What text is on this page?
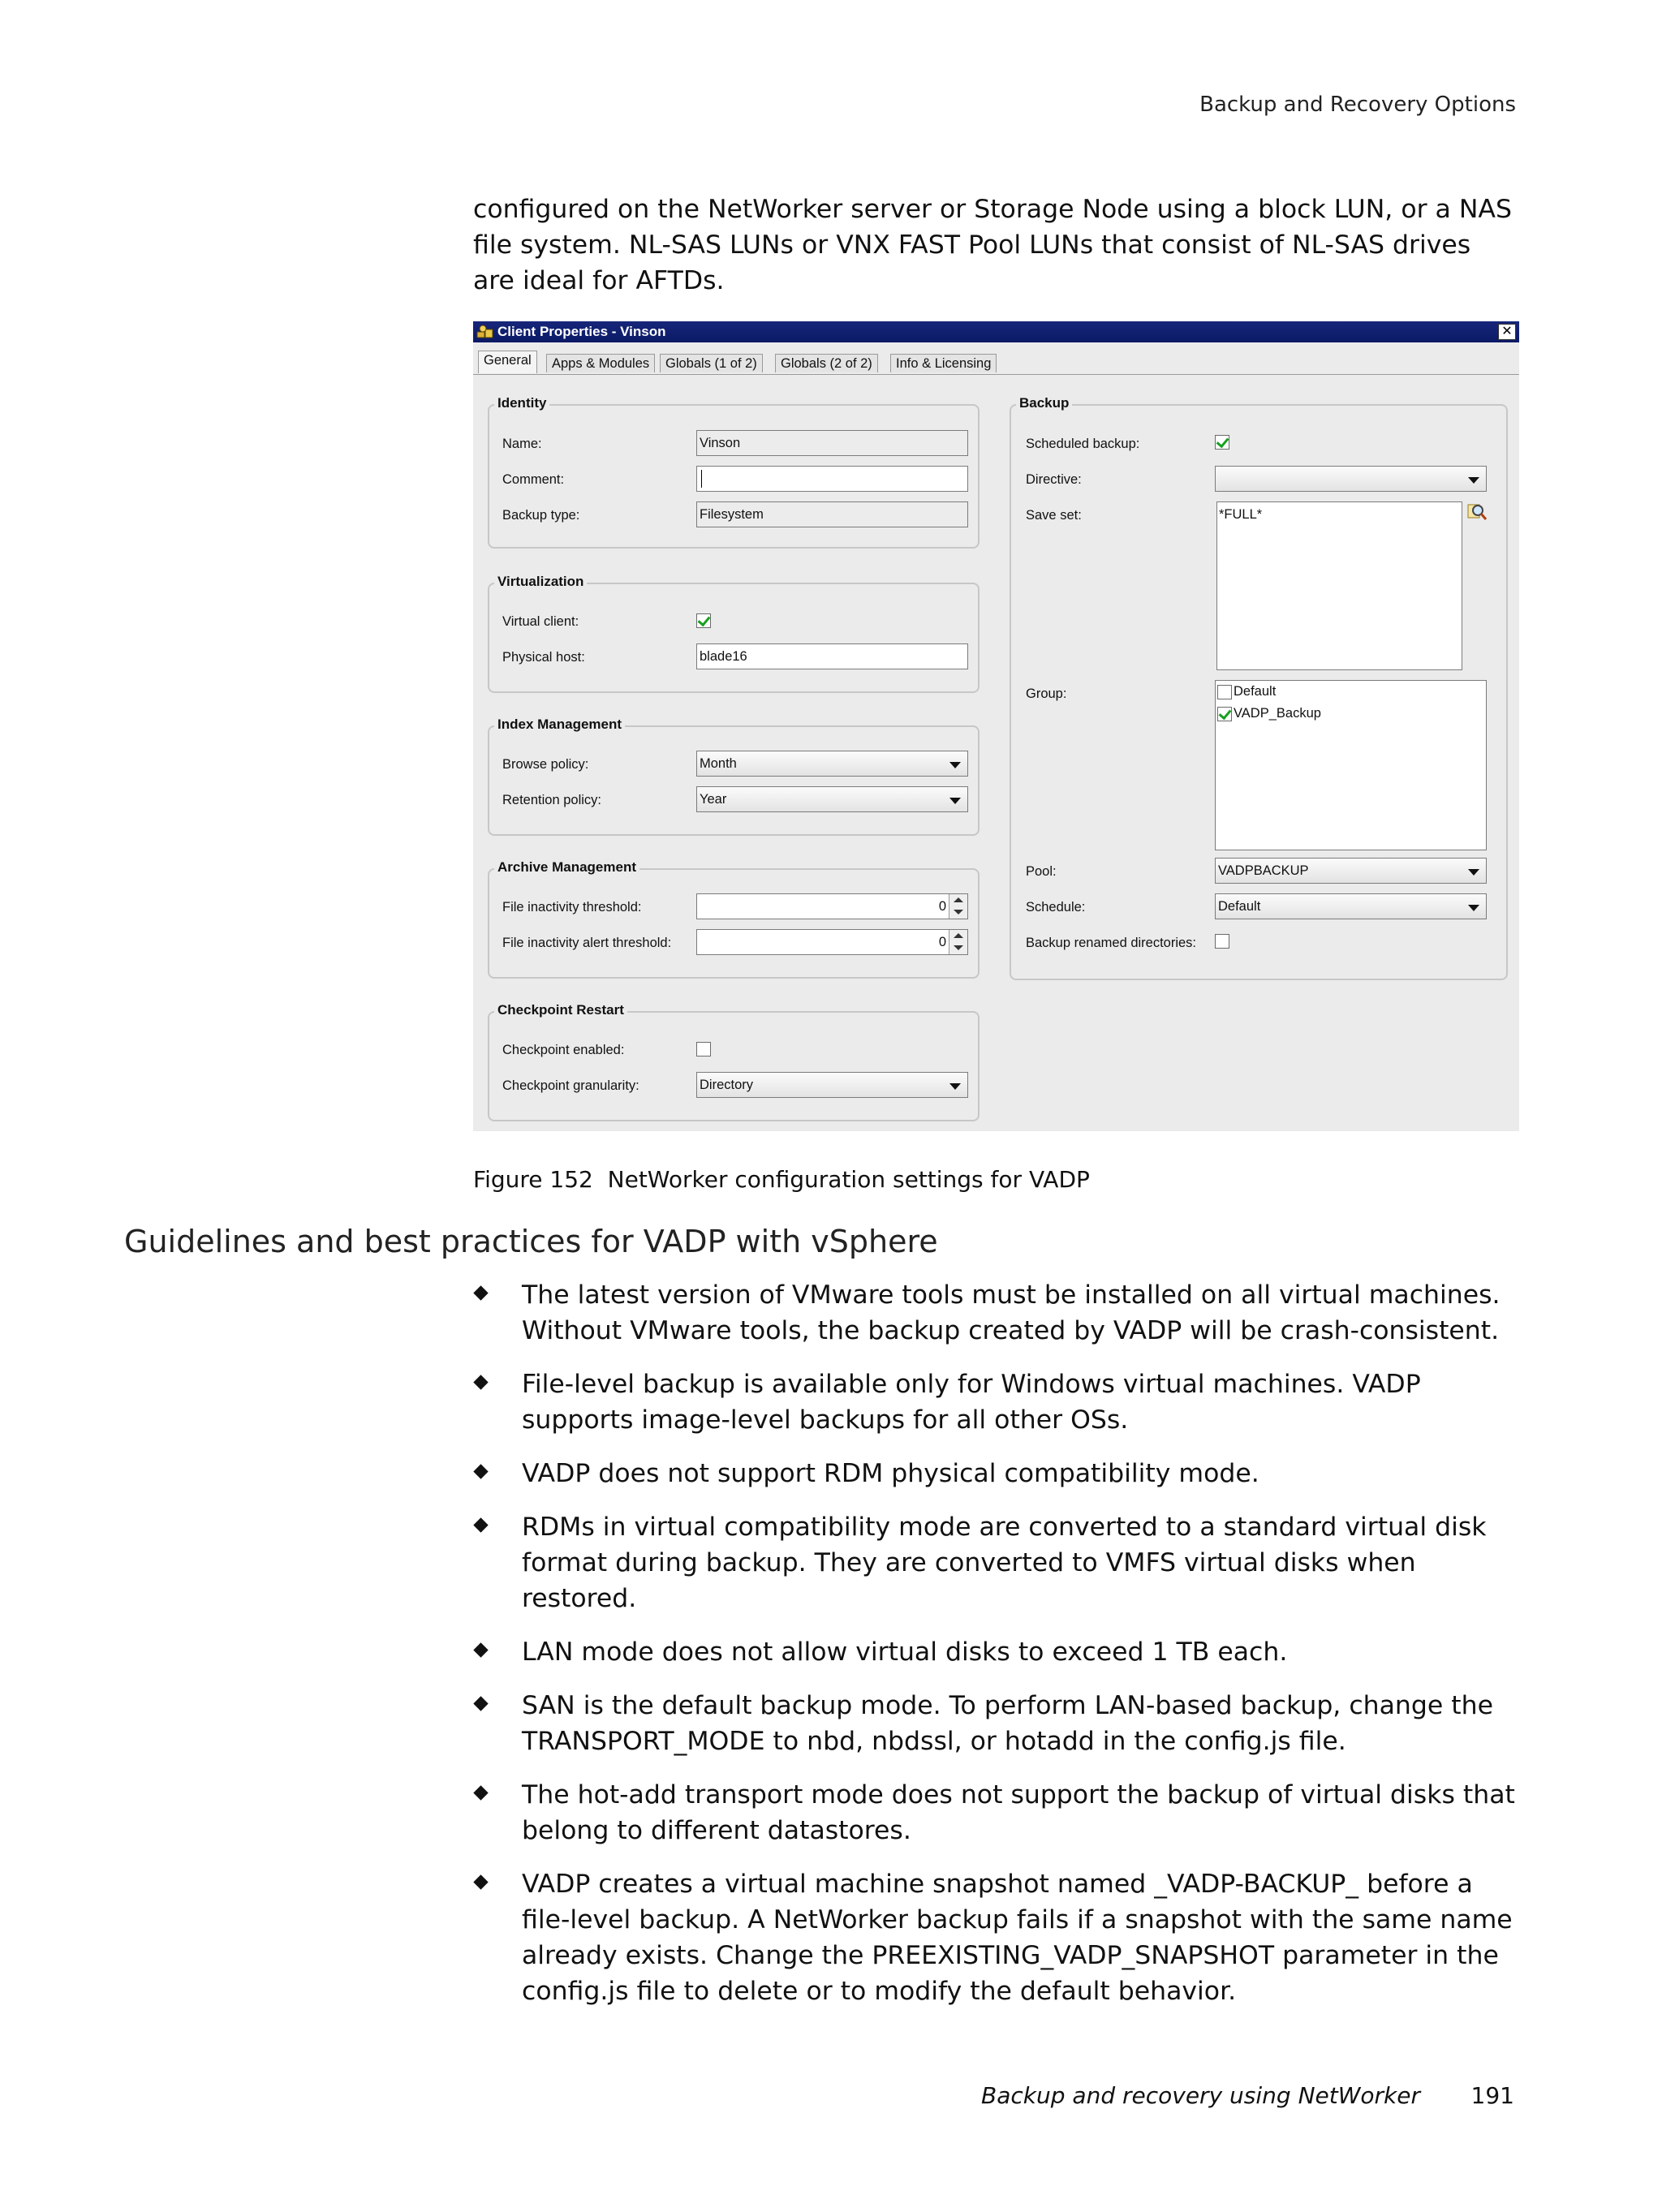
Backup and Recovery Options
configured on the NetWorker server or Storage Node using a block LUN, or a NAS file system. NL-SAS LUNs or VNX FAST Pool LUNs that consist of NL-SAS drives are ideal for AFTDs.
Client Properties - Vinson	✕
General	Apps & Modules	Globals (1 of 2)	Globals (2 of 2)	Info & Licensing
Identity
Name:	Vinson
Comment:
Backup type:	Filesystem
Virtualization
Virtual client:
Physical host:	blade16
Index Management
Browse policy:	Month
Retention policy:	Year
Archive Management
File inactivity threshold:	0
File inactivity alert threshold:	0
Checkpoint Restart
Checkpoint enabled:
Checkpoint granularity:	Directory
Backup
Scheduled backup:
Directive:
Save set:	*FULL*
Group:	Default
VADP_Backup
Pool:	VADPBACKUP
Schedule:	Default
Backup renamed directories:
Figure 152 NetWorker configuration settings for VADP
Guidelines and best practices for VADP with vSphere
The latest version of VMware tools must be installed on all virtual machines. Without VMware tools, the backup created by VADP will be crash-consistent.
File-level backup is available only for Windows virtual machines. VADP supports image-level backups for all other OSs.
VADP does not support RDM physical compatibility mode.
RDMs in virtual compatibility mode are converted to a standard virtual disk format during backup. They are converted to VMFS virtual disks when restored.
LAN mode does not allow virtual disks to exceed 1 TB each.
SAN is the default backup mode. To perform LAN-based backup, change the TRANSPORT_MODE to nbd, nbdssl, or hotadd in the config.js file.
The hot-add transport mode does not support the backup of virtual disks that belong to different datastores.
VADP creates a virtual machine snapshot named _VADP-BACKUP_ before a file-level backup. A NetWorker backup fails if a snapshot with the same name already exists. Change the PREEXISTING_VADP_SNAPSHOT parameter in the config.js file to delete or to modify the default behavior.
Backup and recovery using NetWorker 191
